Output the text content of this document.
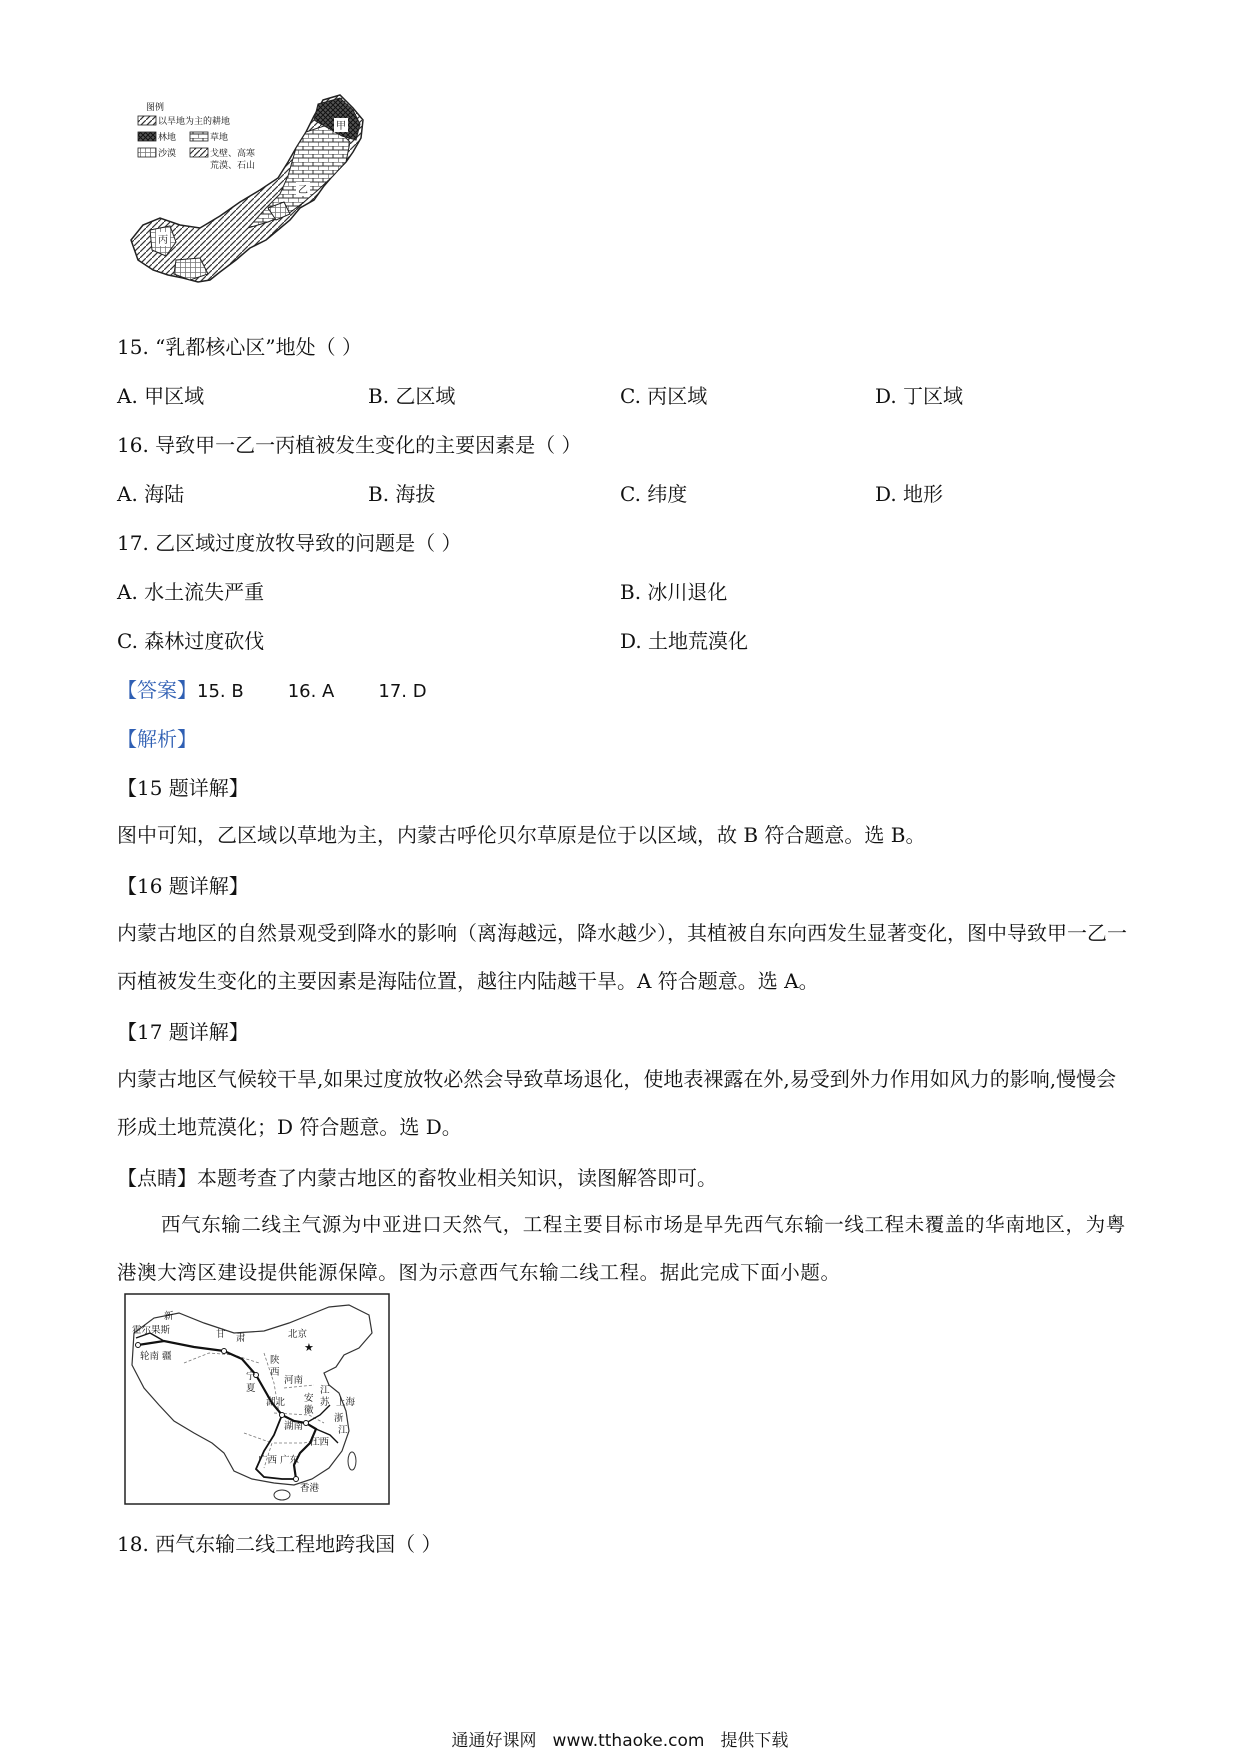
图例
以旱地为主的耕地
林地	草地
沙漠	戈壁、高寒
荒漠、石山
甲
乙
丙
15. “乳都核心区”地处（ ）
A. 甲区域	B. 乙区域	C. 丙区域	D. 丁区域
16. 导致甲一乙一丙植被发生变化的主要因素是（ ）
A. 海陆	B. 海拔	C. 纬度	D. 地形
17. 乙区域过度放牧导致的问题是（ ）
A. 水土流失严重	B. 冰川退化
C. 森林过度砍伐	D. 土地荒漠化
【答案】15. B 16. A 17. D
【解析】
【15 题详解】
图中可知，乙区域以草地为主，内蒙古呼伦贝尔草原是位于以区域，故 B 符合题意。选 B。
【16 题详解】
内蒙古地区的自然景观受到降水的影响（离海越远，降水越少），其植被自东向西发生显著变化，图中导致甲一乙一丙植被发生变化的主要因素是海陆位置，越往内陆越干旱。A 符合题意。选 A。
【17 题详解】
内蒙古地区气候较干旱,如果过度放牧必然会导致草场退化，使地表裸露在外,易受到外力作用如风力的影响,慢慢会形成土地荒漠化；D 符合题意。选 D。
【点睛】本题考查了内蒙古地区的畜牧业相关知识，读图解答即可。
西气东输二线主气源为中亚进口天然气，工程主要目标市场是早先西气东输一线工程未覆盖的华南地区，为粤港澳大湾区建设提供能源保障。图为示意西气东输二线工程。据此完成下面小题。
★
新
霍尔果斯
轮南 疆
甘 肃	北京
陕
西
宁
夏
河南
安
徽
江
苏 上海
湖北
湖南
江西
浙
江
广西 广东
香港
18. 西气东输二线工程地跨我国（ ）
通通好课网 www.tthaoke.com 提供下载
